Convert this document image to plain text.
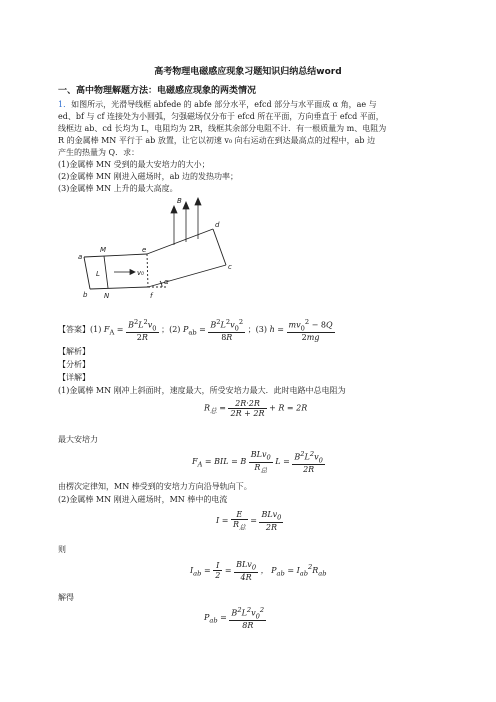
高考物理电磁感应现象习题知识归纳总结word
一、高中物理解题方法：电磁感应现象的两类情况
1．如图所示，光滑导线框 abfede 的 abfe 部分水平，efcd 部分与水平面成 α 角，ae 与
ed、bf 与 cf 连接处为小圆弧，匀强磁场仅分布于 efcd 所在平面，方向垂直于 efcd 平面，
线框边 ab、cd 长均为 L，电阻均为 2R，线框其余部分电阻不计．有一根质量为 m、电阻为
R 的金属棒 MN 平行于 ab 放置，让它以初速 v₀ 向右运动在到达最高点的过程中，ab 边
产生的热量为 Q．求：
(1)金属棒 MN 受到的最大安培力的大小；
(2)金属棒 MN 刚进入磁场时，ab 边的发热功率；
(3)金属棒 MN 上升的最大高度。
a
M
b N
L	v₀
e
f
c
d
B
α
【答案】(1) $F_A = \frac{B^2L^2v_0}{2R}$ ；(2) $P_{ab} = \frac{B^2L^2v_0^2}{8R}$ ；(3) $h = \frac{mv_0^2 - 8Q}{2mg}$
【解析】
【分析】
【详解】
(1)金属棒 MN 刚冲上斜面时，速度最大，所受安培力最大．此时电路中总电阻为
$R_总 = \frac{2R\cdot 2R}{2R + 2R} + R = 2R$
最大安培力
$F_A$ = BIL = B $\frac{BLv_0}{R_总}$ $L = \frac{B^2L^2v_0}{2R}$
由楞次定律知，MN 棒受到的安培力方向沿导轨向下。
(2)金属棒 MN 刚进入磁场时，MN 棒中的电流
$I = \frac{E}{R_总} = \frac{BLv_0}{2R}$
则
$I_{ab} = \frac{I}{2} = \frac{BLv_0}{4R}$ ， $P_{ab} = I_{ab}^2R_{ab}$
解得
$P_{ab} = \frac{B^2L^2v_0^2}{8R}$
